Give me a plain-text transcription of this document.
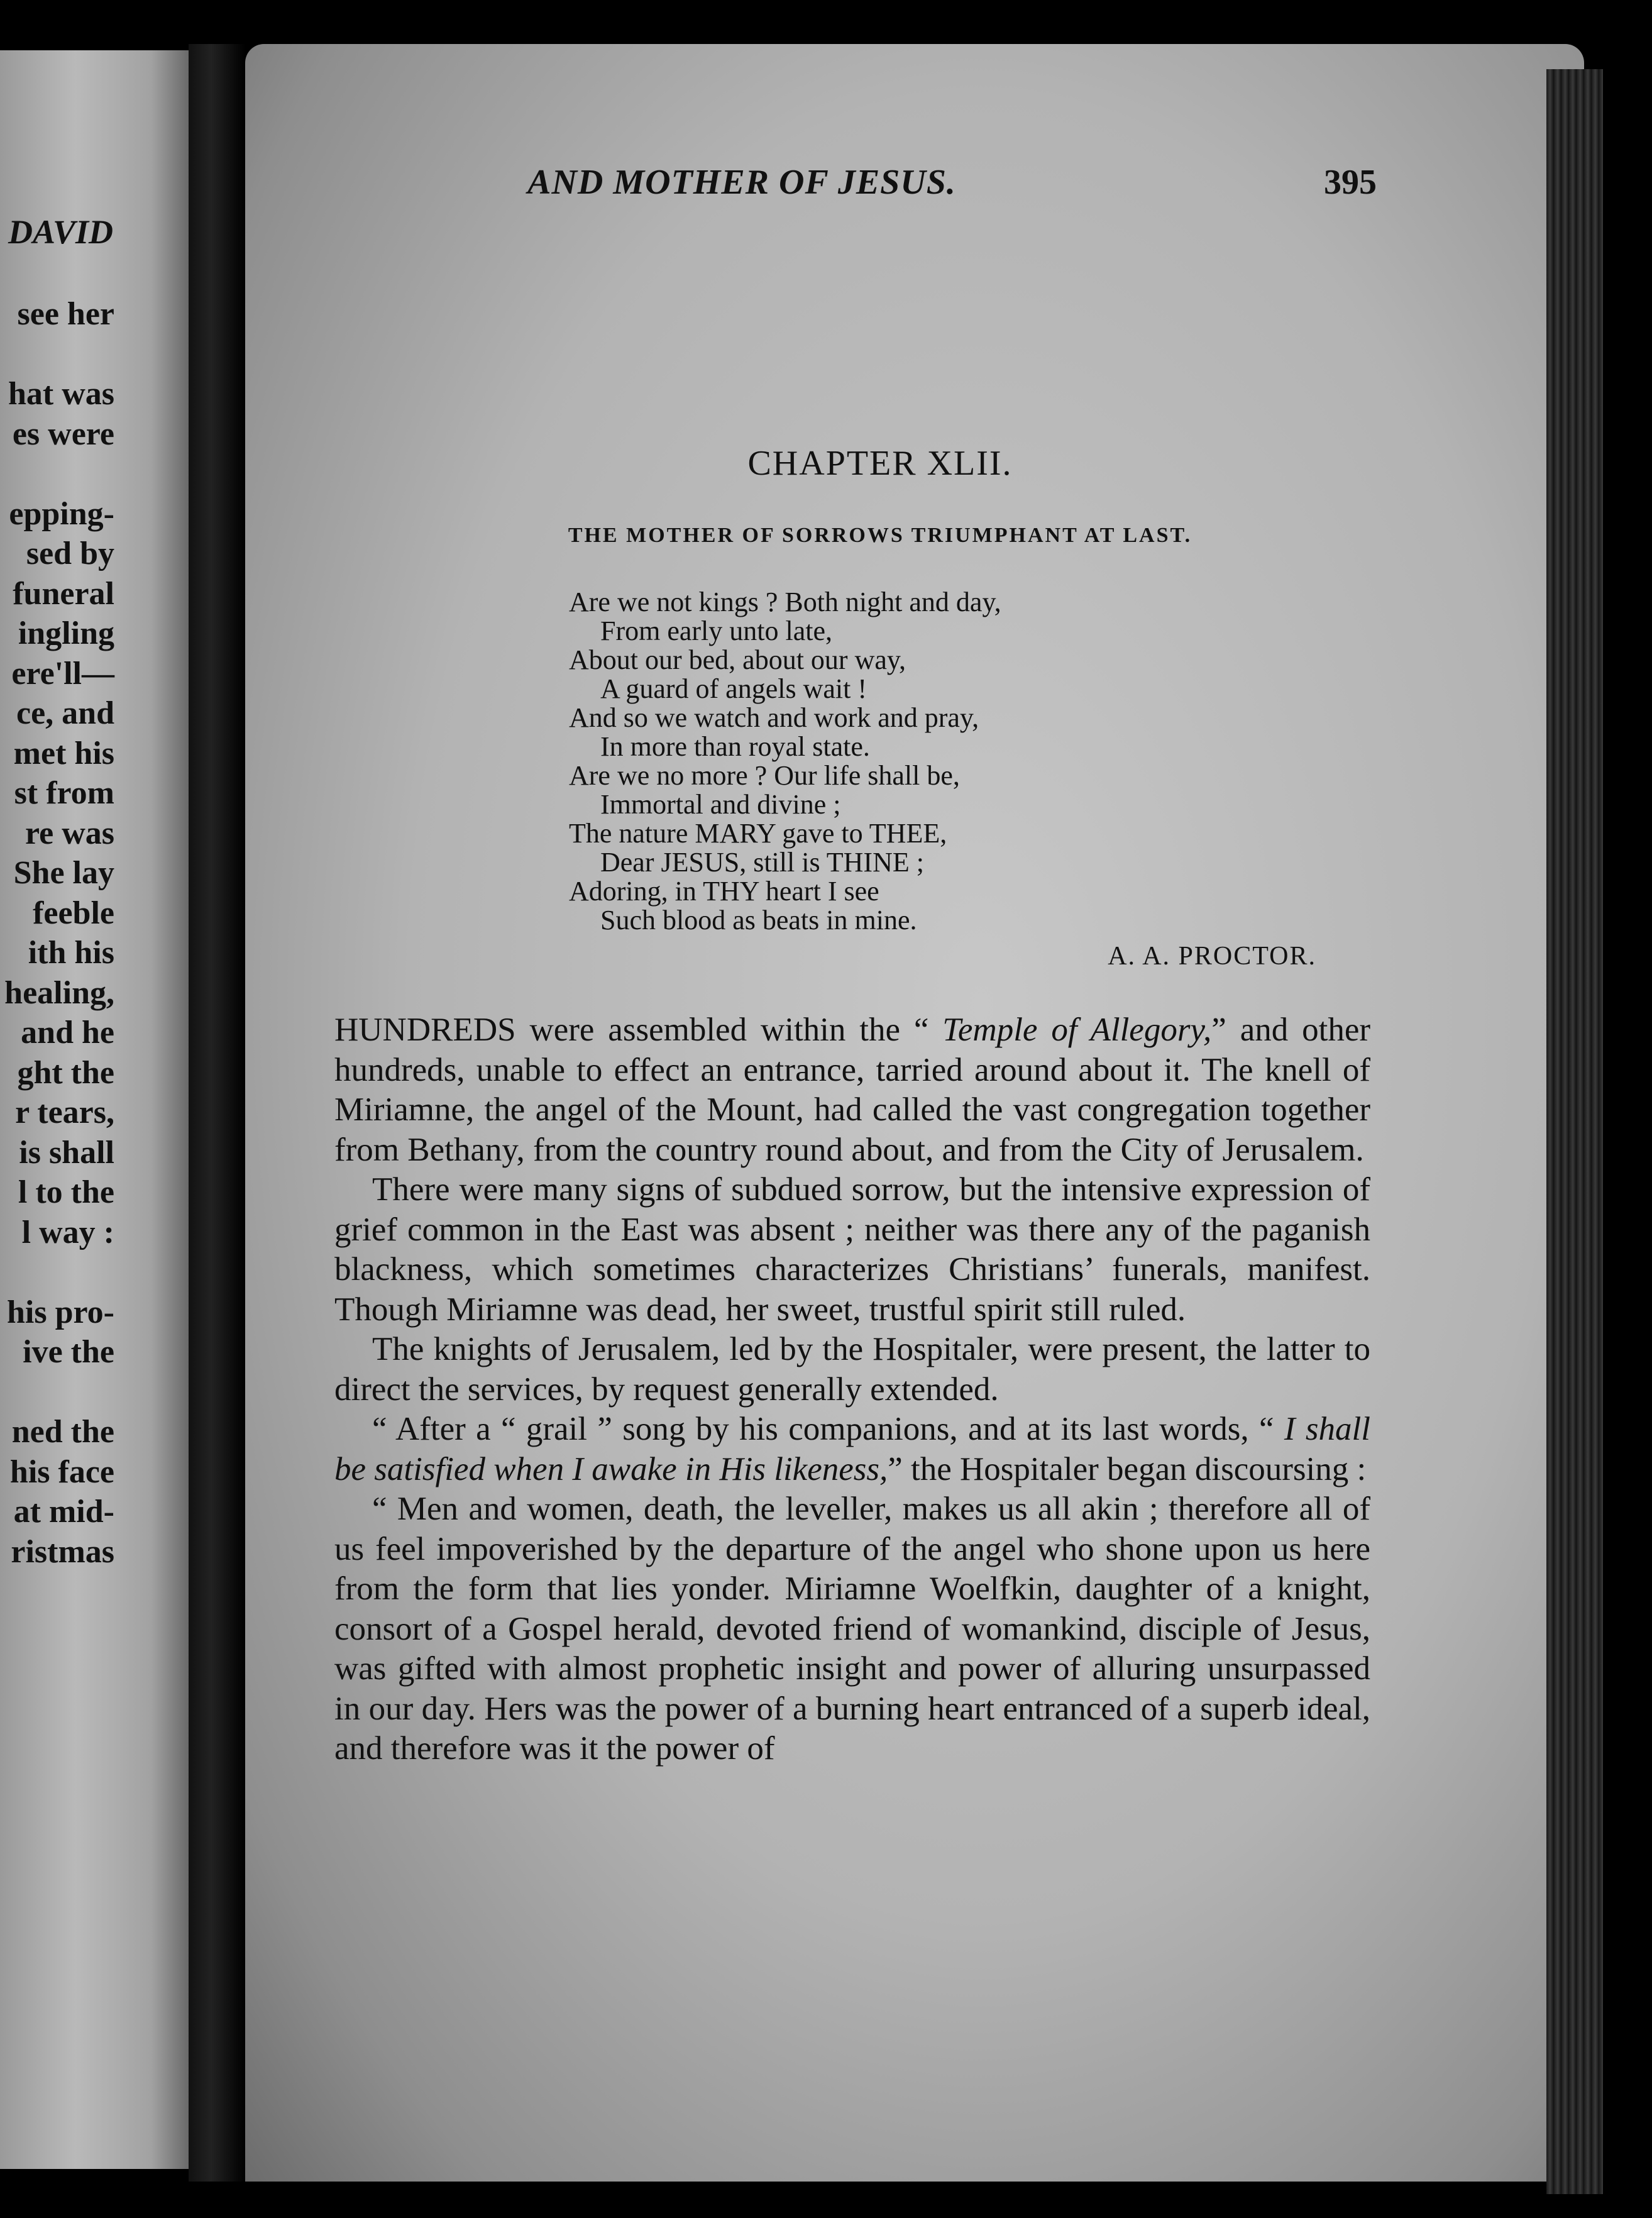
DAVID
see her
hat was
es were
epping-
sed by
funeral
ingling
ere'll—
ce, and
met his
st from
re was
She lay
feeble
ith his
healing,
and he
ght the
r tears,
is shall
l to the
l way :
his pro-
ive the
ned the
his face
at mid-
ristmas
AND MOTHER OF JESUS.	395
CHAPTER XLII.
THE MOTHER OF SORROWS TRIUMPHANT AT LAST.
Are we not kings ? Both night and day,
From early unto late,
About our bed, about our way,
A guard of angels wait !
And so we watch and work and pray,
In more than royal state.
Are we no more ? Our life shall be,
Immortal and divine ;
The nature MARY gave to THEE,
Dear JESUS, still is THINE ;
Adoring, in THY heart I see
Such blood as beats in mine.
A. A. PROCTOR.

HUNDREDS were assembled within the “ Temple of Allegory,” and other hundreds, unable to effect an entrance, tarried around about it. The knell of Miriamne, the angel of the Mount, had called the vast congregation together from Bethany, from the country round about, and from the City of Jerusalem.

There were many signs of subdued sorrow, but the intensive expression of grief common in the East was absent ; neither was there any of the paganish blackness, which sometimes characterizes Christians’ funerals, manifest. Though Miriamne was dead, her sweet, trustful spirit still ruled.

The knights of Jerusalem, led by the Hospitaler, were present, the latter to direct the services, by request generally extended.

“ After a “ grail ” song by his companions, and at its last words, “ I shall be satisfied when I awake in His likeness,” the Hospitaler began discoursing :

“ Men and women, death, the leveller, makes us all akin ; therefore all of us feel impoverished by the departure of the angel who shone upon us here from the form that lies yonder. Miriamne Woelfkin, daughter of a knight, consort of a Gospel herald, devoted friend of womankind, disciple of Jesus, was gifted with almost prophetic insight and power of alluring unsurpassed in our day. Hers was the power of a burning heart entranced of a superb ideal, and therefore was it the power of
